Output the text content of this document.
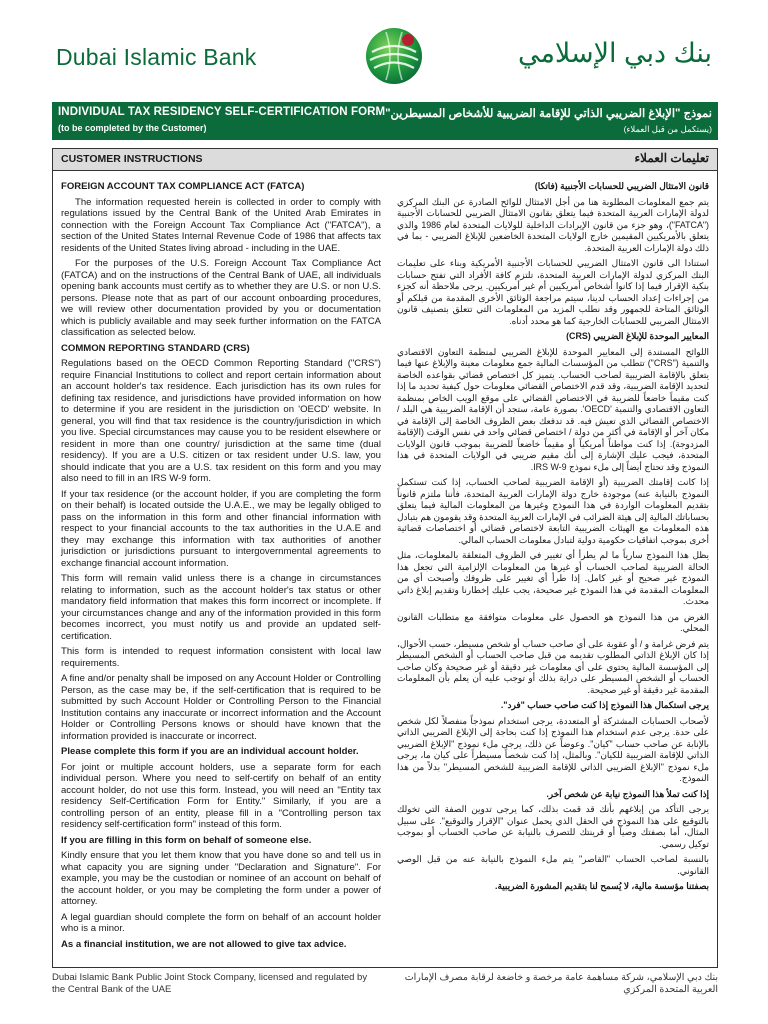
Dubai Islamic Bank	بنك دبي الإسلامي
INDIVIDUAL TAX RESIDENCY SELF-CERTIFICATION FORM
(to be completed by the Customer)
نموذج "الإبلاغ الضريبي الذاتي للإقامة الضريبية للأشخاص المسيطرين"
(يستكمل من قبل العملاء)
CUSTOMER INSTRUCTIONS	تعليمات العملاء

FOREIGN ACCOUNT TAX COMPLIANCE ACT (FATCA)

The information requested herein is collected in order to comply with regulations issued by the Central Bank of the United Arab Emirates in connection with the Foreign Account Tax Compliance Act ("FATCA"), a section of the United States Internal Revenue Code of 1986 that affects tax residents of the United States living abroad - including in the UAE.

For the purposes of the U.S. Foreign Account Tax Compliance Act (FATCA) and on the instructions of the Central Bank of UAE, all individuals opening bank accounts must certify as to whether they are U.S. or non U.S. persons. Please note that as part of our account onboarding procedures, we will review other documentation provided by you or documentation which is publicly available and may seek further information on the FATCA classification as selected below.

COMMON REPORTING STANDARD (CRS)

Regulations based on the OECD Common Reporting Standard ("CRS") require Financial Institutions to collect and report certain information about an account holder's tax residence. Each jurisdiction has its own rules for defining tax residence, and jurisdictions have provided information on how to determine if you are resident in the jurisdiction on 'OECD' website. In general, you will find that tax residence is the country/jurisdiction in which you live. Special circumstances may cause you to be resident elsewhere or resident in more than one country/ jurisdiction at the same time (dual residency). If you are a U.S. citizen or tax resident under U.S. law, you should indicate that you are a U.S. tax resident on this form and you may also need to fill in an IRS W-9 form.

If your tax residence (or the account holder, if you are completing the form on their behalf) is located outside the U.A.E., we may be legally obliged to pass on the information in this form and other financial information with respect to your financial accounts to the tax authorities in the U.A.E and they may exchange this information with tax authorities of another jurisdiction or jurisdictions pursuant to intergovernmental agreements to exchange financial account information.

This form will remain valid unless there is a change in circumstances relating to information, such as the account holder's tax status or other mandatory field information that makes this form incorrect or incomplete. If your circumstances change and any of the information provided in this form becomes incorrect, you must notify us and provide an updated self-certification.

This form is intended to request information consistent with local law requirements.

A fine and/or penalty shall be imposed on any Account Holder or Controlling Person, as the case may be, if the self-certification that is required to be submitted by such Account Holder or Controlling Person to the Financial Institution contains any inaccurate or incorrect information and the Account Holder or Controlling Persons knows or should have known that the information provided is inaccurate or incorrect.

Please complete this form if you are an individual account holder.

For joint or multiple account holders, use a separate form for each individual person. Where you need to self-certify on behalf of an entity account holder, do not use this form. Instead, you will need an "Entity tax residency Self-Certification Form for Entity." Similarly, if you are a controlling person of an entity, please fill in a "Controlling person tax residency self-certification form" instead of this form.

If you are filling in this form on behalf of someone else.

Kindly ensure that you let them know that you have done so and tell us in what capacity you are signing under "Declaration and Signature". For example, you may be the custodian or nominee of an account on behalf of the account holder, or you may be completing the form under a power of attorney.

A legal guardian should complete the form on behalf of an account holder who is a minor.

As a financial institution, we are not allowed to give tax advice.

قانون الامتثال الضريبي للحسابات الأجنبية (فاتكا)

يتم جمع المعلومات المطلوبة هنا من أجل الامتثال للوائح الصادرة عن البنك المركزي لدولة الإمارات العربية المتحدة فيما يتعلق بقانون الامتثال الضريبي للحسابات الأجنبية ("FATCA")، وهو جزء من قانون الإيرادات الداخلية للولايات المتحدة لعام 1986 والذي يتعلق بالأمريكيين المقيمين خارج الولايات المتحدة الخاضعين للإبلاغ الضريبي - بما في ذلك دولة الإمارات العربية المتحدة.

استنادا الى قانون الامتثال الضريبي للحسابات الأجنبية الأمريكية وبناء على تعليمات البنك المركزي لدولة الإمارات العربية المتحدة، تلتزم كافة الأفراد التي تفتح حسابات بنكية الإقرار فيما إذا كانوا أشخاص أمريكيين أم غير أمريكيين. يرجى ملاحظة أنه كجزء من إجراءات إعداد الحساب لدينا، سيتم مراجعة الوثائق الأخرى المقدمة من قبلكم أو الوثائق المتاحة للجمهور وقد نطلب المزيد من المعلومات التي تتعلق بتصنيف قانون الامتثال الضريبي للحسابات الخارجية كما هو محدد أدناه.

المعايير الموحدة للإبلاغ الضريبي (CRS)

اللوائح المستندة إلى المعايير الموحدة للإبلاغ الضريبي لمنظمة التعاون الاقتصادي والتنمية ("CRS") تتطلب من المؤسسات المالية جمع معلومات معينة والإبلاغ عنها فيما يتعلق بالإقامة الضريبية لصاحب الحساب. يتميز كل اختصاص قضائي بقواعده الخاصة لتحديد الإقامة الضريبية، وقد قدم الاختصاص القضائي معلومات حول كيفية تحديد ما إذا كنت مقيماً خاضعاً للضريبة في الاختصاص القضائي على موقع الويب الخاص بمنظمة التعاون الاقتصادي والتنمية 'OECD'. بصورة عامة، ستجد أن الإقامة الضريبية هي البلد / الاختصاص القضائي الذي تعيش فيه. قد تدفعك بعض الظروف الخاصة إلى الإقامة في مكان آخر أو الإقامة في أكثر من دولة / اختصاص قضائي واحد في نفس الوقت (الإقامة المزدوجة). إذا كنت مواطناً أمريكياً أو مقيماً خاضعاً للضريبة بموجب قانون الولايات المتحدة، فيجب عليك الإشارة إلى أنك مقيم ضريبي في الولايات المتحدة في هذا النموذج وقد تحتاج أيضاً إلى ملء نموذج IRS W-9.

إذا كانت إقامتك الضريبية (أو الإقامة الضريبية لصاحب الحساب، إذا كنت تستكمل النموذج بالنيابة عنه) موجودة خارج دولة الإمارات العربية المتحدة، فأننا ملتزم قانوناً بتقديم المعلومات الواردة في هذا النموذج وغيرها من المعلومات المالية فيما يتعلق بحساباتك المالية إلى هيئة الضرائب في الإمارات العربية المتحدة وقد يقومون هم بتبادل هذه المعلومات مع الهيئات الضريبية التابعة لاختصاص قضائي أو اختصاصات قضائية أخرى بموجب اتفاقيات حكومية دولية لتبادل معلومات الحساب المالي.

يظل هذا النموذج سارياً ما لم يطرأ أي تغيير في الظروف المتعلقة بالمعلومات، مثل الحالة الضريبية لصاحب الحساب أو غيرها من المعلومات الإلزامية التي تجعل هذا النموذج غير صحيح أو غير كامل. إذا طرأ أي تغيير على ظروفك وأصبحت أي من المعلومات المقدمة في هذا النموذج غير صحيحة، يجب عليك إخطارنا وتقديم إبلاغ ذاتي محدث.

الغرض من هذا النموذج هو الحصول على معلومات متوافقة مع متطلبات القانون المحلي.

يتم فرض غرامة و / أو عقوبة على أي صاحب حساب أو شخص مسيطر، حسب الأحوال، إذا كان الإبلاغ الذاتي المطلوب تقديمه من قبل صاحب الحساب أو الشخص المسيطر إلى المؤسسة المالية يحتوي على أي معلومات غير دقيقة أو غير صحيحة وكان صاحب الحساب أو الشخص المسيطر على دراية بذلك أو توجب عليه أن يعلم بأن المعلومات المقدمة غير دقيقة أو غير صحيحة.

يرجى استكمال هذا النموذج إذا كنت صاحب حساب "فرد".

لأصحاب الحسابات المشتركة أو المتعددة، يرجى استخدام نموذجاً منفصلاً لكل شخص على حدة. يرجى عدم استخدام هذا النموذج إذا كنت بحاجة إلى الإبلاغ الضريبي الذاتي بالإنابة عن صاحب حساب "كيان". وعوضاً عن ذلك، يرجى ملء نموذج "الإبلاغ الضريبي الذاتي للإقامة الضريبية للكيان". وبالمثل، إذا كنت شخصاً مسيطراً على كيان ما، يرجى ملء نموذج "الإبلاغ الضريبي الذاتي للإقامة الضريبية للشخص المسيطر" بدلاً من هذا النموذج.

إذا كنت تملأ هذا النموذج نيابة عن شخص آخر.

يرجى التأكد من إبلاغهم بأنك قد قمت بذلك، كما يرجى تدوين الصفة التي تخولك بالتوقيع على هذا النموذج في الحقل الذي يحمل عنوان "الإقرار والتوقيع". على سبيل المثال، أما بصفتك وصياً أو قرينتك للتصرف بالنيابة عن صاحب الحساب أو بموجب توكيل رسمي.

بالنسبة لصاحب الحساب "القاصر" يتم ملء النموذج بالنيابة عنه من قبل الوصي القانوني.

بصفتنا مؤسسة مالية، لا يُسمح لنا بتقديم المشورة الضريبية.

Dubai Islamic Bank Public Joint Stock Company, licensed and regulated by the Central Bank of the UAE
بنك دبي الإسلامي، شركة مساهمة عامة مرخصة و خاضعة لرقابة مصرف الإمارات العربية المتحدة المركزي
